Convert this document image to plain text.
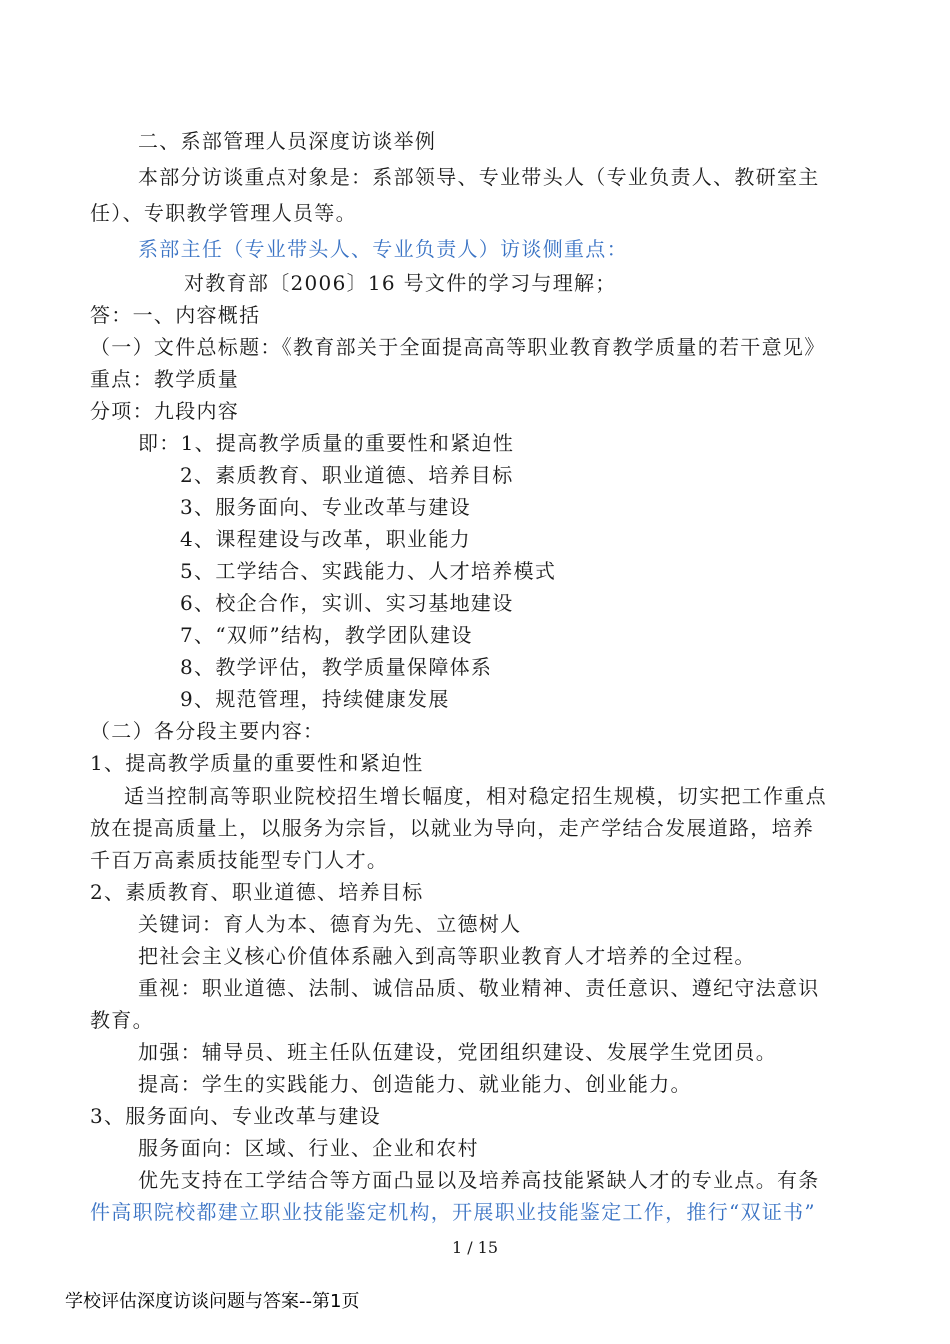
二、系部管理人员深度访谈举例
本部分访谈重点对象是：系部领导、专业带头人（专业负责人、教研室主
任）、专职教学管理人员等。
系部主任（专业带头人、专业负责人）访谈侧重点：
对教育部〔2006〕16 号文件的学习与理解；
答：一、内容概括
（一）文件总标题：《教育部关于全面提高高等职业教育教学质量的若干意见》
重点：教学质量
分项：九段内容
即：1、提高教学质量的重要性和紧迫性
2、素质教育、职业道德、培养目标
3、服务面向、专业改革与建设
4、课程建设与改革，职业能力
5、工学结合、实践能力、人才培养模式
6、校企合作，实训、实习基地建设
7、“双师”结构，教学团队建设
8、教学评估，教学质量保障体系
9、规范管理，持续健康发展
（二）各分段主要内容：
1、提高教学质量的重要性和紧迫性
适当控制高等职业院校招生增长幅度，相对稳定招生规模，切实把工作重点
放在提高质量上，以服务为宗旨，以就业为导向，走产学结合发展道路，培养
千百万高素质技能型专门人才。
2、素质教育、职业道德、培养目标
关键词：育人为本、德育为先、立德树人
把社会主义核心价值体系融入到高等职业教育人才培养的全过程。
重视：职业道德、法制、诚信品质、敬业精神、责任意识、遵纪守法意识
教育。
加强：辅导员、班主任队伍建设，党团组织建设、发展学生党团员。
提高：学生的实践能力、创造能力、就业能力、创业能力。
3、服务面向、专业改革与建设
服务面向：区域、行业、企业和农村
优先支持在工学结合等方面凸显以及培养高技能紧缺人才的专业点。有条
件高职院校都建立职业技能鉴定机构，开展职业技能鉴定工作，推行“双证书”
1 / 15
学校评估深度访谈问题与答案--第1页
